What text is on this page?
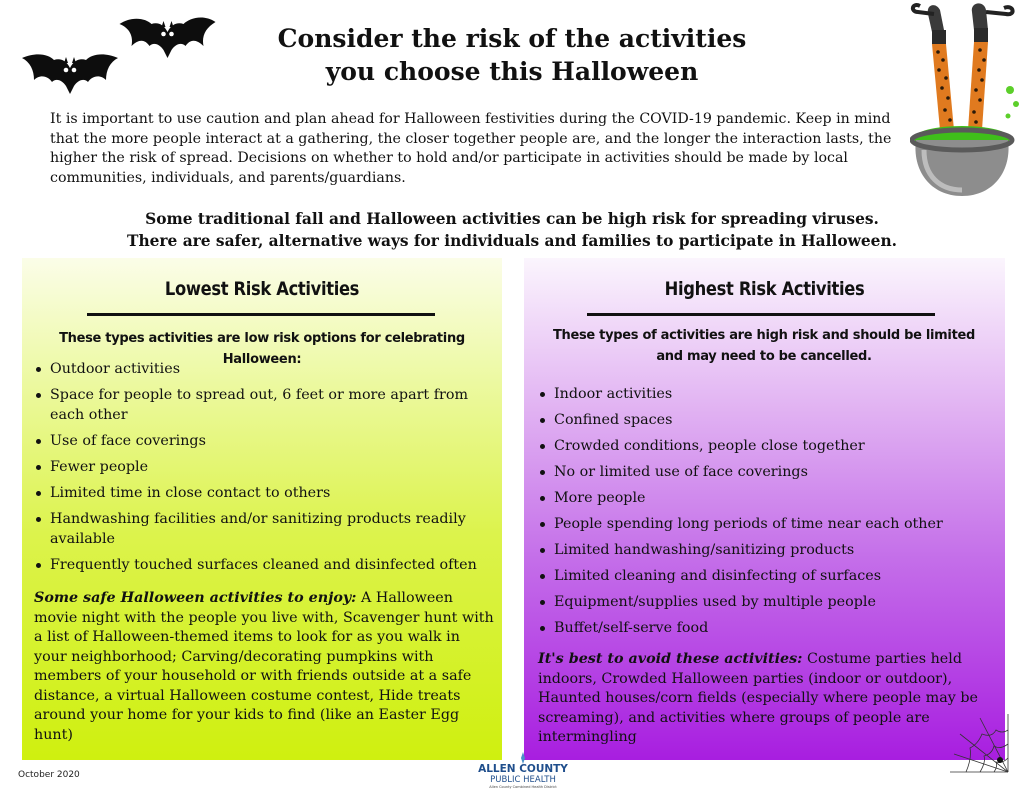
Consider the risk of the activities
you choose this Halloween
It is important to use caution and plan ahead for Halloween festivities during the COVID-19 pandemic. Keep in mind that the more people interact at a gathering, the closer together people are, and the longer the interaction lasts, the higher the risk of spread. Decisions on whether to hold and/or participate in activities should be made by local communities, individuals, and parents/guardians.
Some traditional fall and Halloween activities can be high risk for spreading viruses.
There are safer, alternative ways for individuals and families to participate in Halloween.
Lowest Risk Activities
These types activities are low risk options for celebrating Halloween:
Outdoor activities
Space for people to spread out, 6 feet or more apart from each other
Use of face coverings
Fewer people
Limited time in close contact to others
Handwashing facilities and/or sanitizing products readily available
Frequently touched surfaces cleaned and disinfected often
Some safe Halloween activities to enjoy: A Halloween movie night with the people you live with, Scavenger hunt with a list of Halloween-themed items to look for as you walk in your neighborhood; Carving/decorating pumpkins with members of your household or with friends outside at a safe distance, a virtual Halloween costume contest, Hide treats around your home for your kids to find (like an Easter Egg hunt)
Highest Risk Activities
These types of activities are high risk and should be limited and may need to be cancelled.
Indoor activities
Confined spaces
Crowded conditions, people close together
No or limited use of face coverings
More people
People spending long periods of time near each other
Limited handwashing/sanitizing products
Limited cleaning and disinfecting of surfaces
Equipment/supplies used by multiple people
Buffet/self-serve food
It's best to avoid these activities: Costume parties held indoors, Crowded Halloween parties (indoor or outdoor), Haunted houses/corn fields (especially where people may be screaming), and activities where groups of people are intermingling
October 2020	ALLEN COUNTY
PUBLIC HEALTH
Allen County Combined Health District
